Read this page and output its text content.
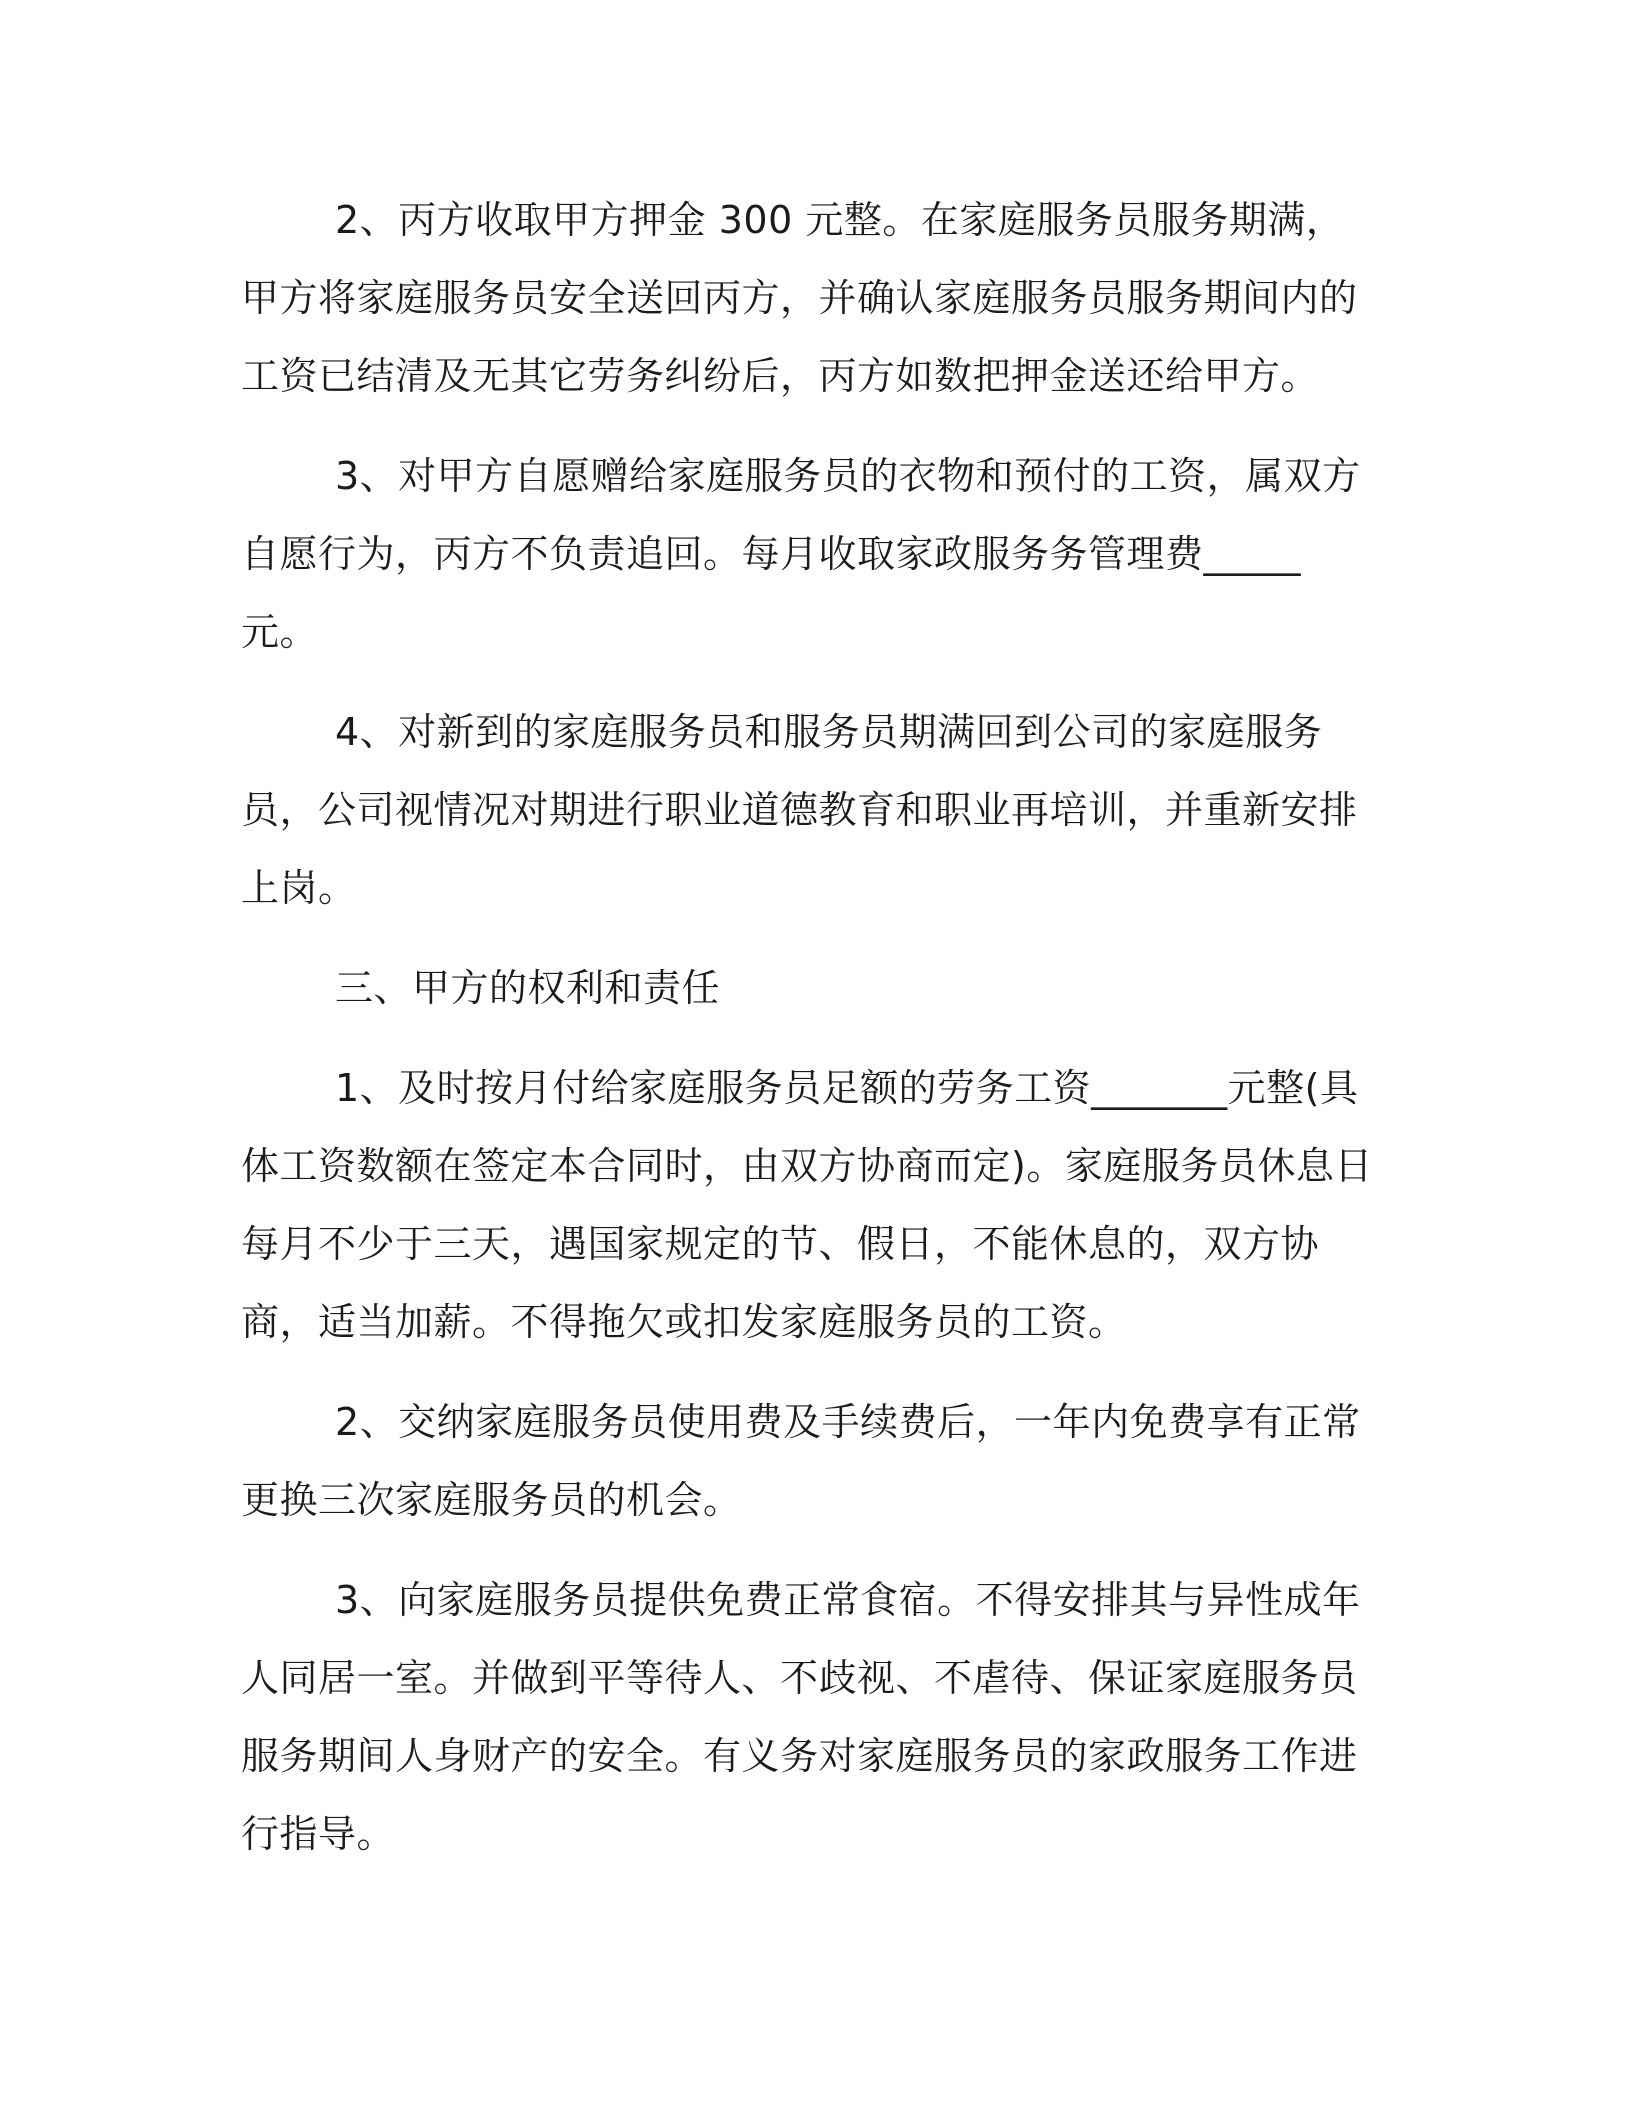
2、丙方收取甲方押金 300 元整。在家庭服务员服务期满，甲方将家庭服务员安全送回丙方，并确认家庭服务员服务期间内的工资已结清及无其它劳务纠纷后，丙方如数把押金送还给甲方。

3、对甲方自愿赠给家庭服务员的衣物和预付的工资，属双方自愿行为，丙方不负责追回。每月收取家政服务务管理费_____元。

4、对新到的家庭服务员和服务员期满回到公司的家庭服务员，公司视情况对期进行职业道德教育和职业再培训，并重新安排上岗。

三、甲方的权利和责任

1、及时按月付给家庭服务员足额的劳务工资_______元整(具体工资数额在签定本合同时，由双方协商而定)。家庭服务员休息日每月不少于三天，遇国家规定的节、假日，不能休息的，双方协商，适当加薪。不得拖欠或扣发家庭服务员的工资。

2、交纳家庭服务员使用费及手续费后，一年内免费享有正常更换三次家庭服务员的机会。

3、向家庭服务员提供免费正常食宿。不得安排其与异性成年人同居一室。并做到平等待人、不歧视、不虐待、保证家庭服务员服务期间人身财产的安全。有义务对家庭服务员的家政服务工作进行指导。
